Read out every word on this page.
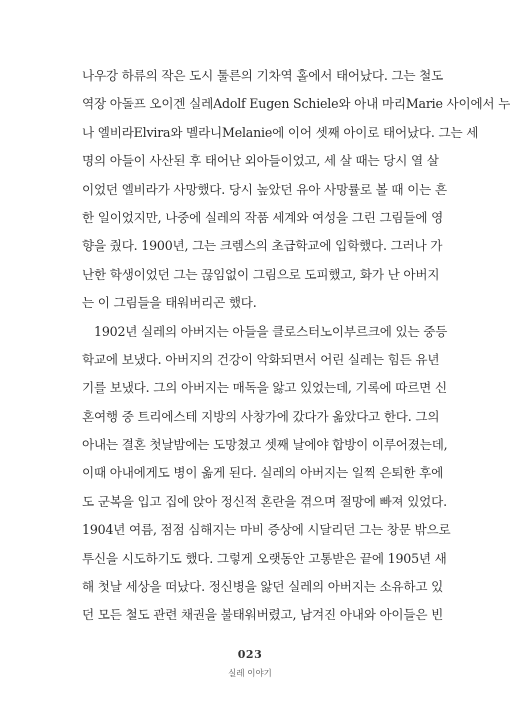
나우강 하류의 작은 도시 툴른의 기차역 홀에서 태어났다. 그는 철도
역장 아돌프 오이겐 실레Adolf Eugen Schiele와 아내 마리Marie 사이에서 누
나 엘비라Elvira와 멜라니Melanie에 이어 셋째 아이로 태어났다. 그는 세
명의 아들이 사산된 후 태어난 외아들이었고, 세 살 때는 당시 열 살
이었던 엘비라가 사망했다. 당시 높았던 유아 사망률로 볼 때 이는 흔
한 일이었지만, 나중에 실레의 작품 세계와 여성을 그린 그림들에 영
향을 줬다. 1900년, 그는 크렘스의 초급학교에 입학했다. 그러나 가
난한 학생이었던 그는 끊임없이 그림으로 도피했고, 화가 난 아버지
는 이 그림들을 태워버리곤 했다.
1902년 실레의 아버지는 아들을 클로스터노이부르크에 있는 중등
학교에 보냈다. 아버지의 건강이 악화되면서 어린 실레는 힘든 유년
기를 보냈다. 그의 아버지는 매독을 앓고 있었는데, 기록에 따르면 신
혼여행 중 트리에스테 지방의 사창가에 갔다가 옮았다고 한다. 그의
아내는 결혼 첫날밤에는 도망쳤고 셋째 날에야 합방이 이루어졌는데,
이때 아내에게도 병이 옮게 된다. 실레의 아버지는 일찍 은퇴한 후에
도 군복을 입고 집에 앉아 정신적 혼란을 겪으며 절망에 빠져 있었다.
1904년 여름, 점점 심해지는 마비 증상에 시달리던 그는 창문 밖으로
투신을 시도하기도 했다. 그렇게 오랫동안 고통받은 끝에 1905년 새
해 첫날 세상을 떠났다. 정신병을 앓던 실레의 아버지는 소유하고 있
던 모든 철도 관련 채권을 불태워버렸고, 남겨진 아내와 아이들은 빈
023
실레 이야기
